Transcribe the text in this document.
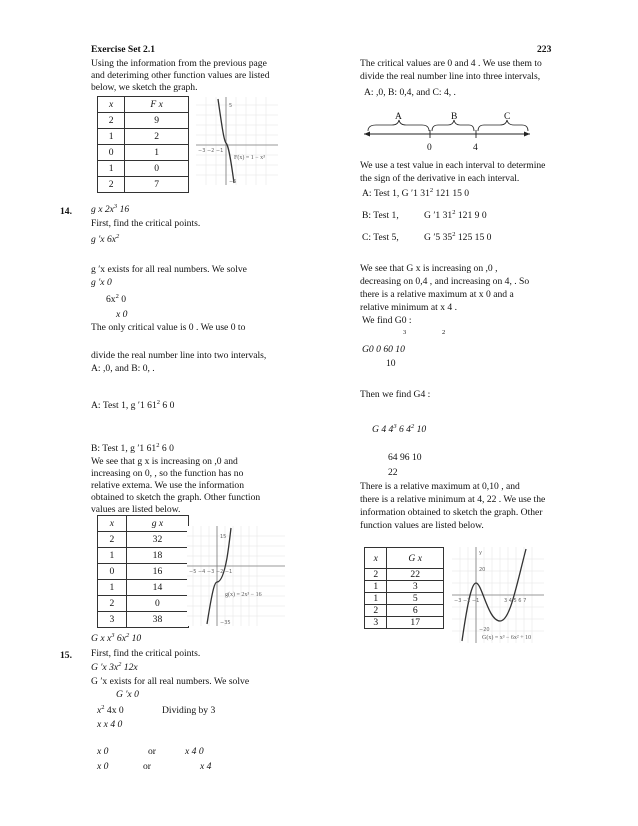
Exercise Set 2.1	223
Using the information from the previous page
and deteriming other function values are listed
below, we sketch the graph.
x	F x
2	9
1	2
0	1
1	0
2	7
−3 −2 −1
5
−5
F(x) = 1 − x³
14. g x $2x^3$ 16
First, find the critical points.
g ′x $6x^2$
g ′x exists for all real numbers. We solve
g ′x 0
$6x^2$ 0
x 0
The only critical value is 0 . We use 0 to
divide the real number line into two intervals,
A: ,0, and B: 0, .
A: Test 1, g ′1 $61^2$ 6 0
B: Test 1, g ′1 $61^2$ 6 0
We see that g x is increasing on ,0 and
increasing on 0, , so the function has no
relative extema. We use the information
obtained to sketch the graph. Other function
values are listed below.
x	g x
2	32
1	18
0	16
1	14
2	0
3	38
−5 −4 −3 −2 −1
15
−35
g(x) = 2x³ − 16
G x $x^3$ $6x^2$ 10
15. First, find the critical points.
G ′x $3x^2$ 12x
G ′x exists for all real numbers. We solve
G ′x 0
$x^2$ 4x 0	Dividing by 3
x x 4 0
x 0	or	x 4 0
x 0	or	x 4
The critical values are 0 and 4 . We use them to
divide the real number line into three intervals,
A: ,0, B: 0,4, and C: 4, .
A	B	C
0	4
We use a test value in each interval to determine
the sign of the derivative in each interval.
A: Test 1, G ′1 $31^2$ 121 15 0
B: Test 1,	G ′1 $31^2$ 121 9 0
C: Test 5,	G ′5 $35^2$ 125 15 0
We see that G x is increasing on ,0 ,
decreasing on 0,4 , and increasing on 4, . So
there is a relative maximum at x 0 and a
relative minimum at x 4 .
We find G0 :
3	2
G0 0 60 10
10
Then we find G4 :
G 4 $4^3$ 6 $4^2$ 10
64 96 10
22
There is a relative maximum at 0,10 , and
there is a relative minimum at 4, 22 . We use the
information obtained to sketch the graph. Other
function values are listed below.
x	G x
2	22
1	3
1	5
2	6
3	17
−3 −2 −1
y
20
−20
3 4 5 6 7
G(x) = x³ − 6x² + 10
